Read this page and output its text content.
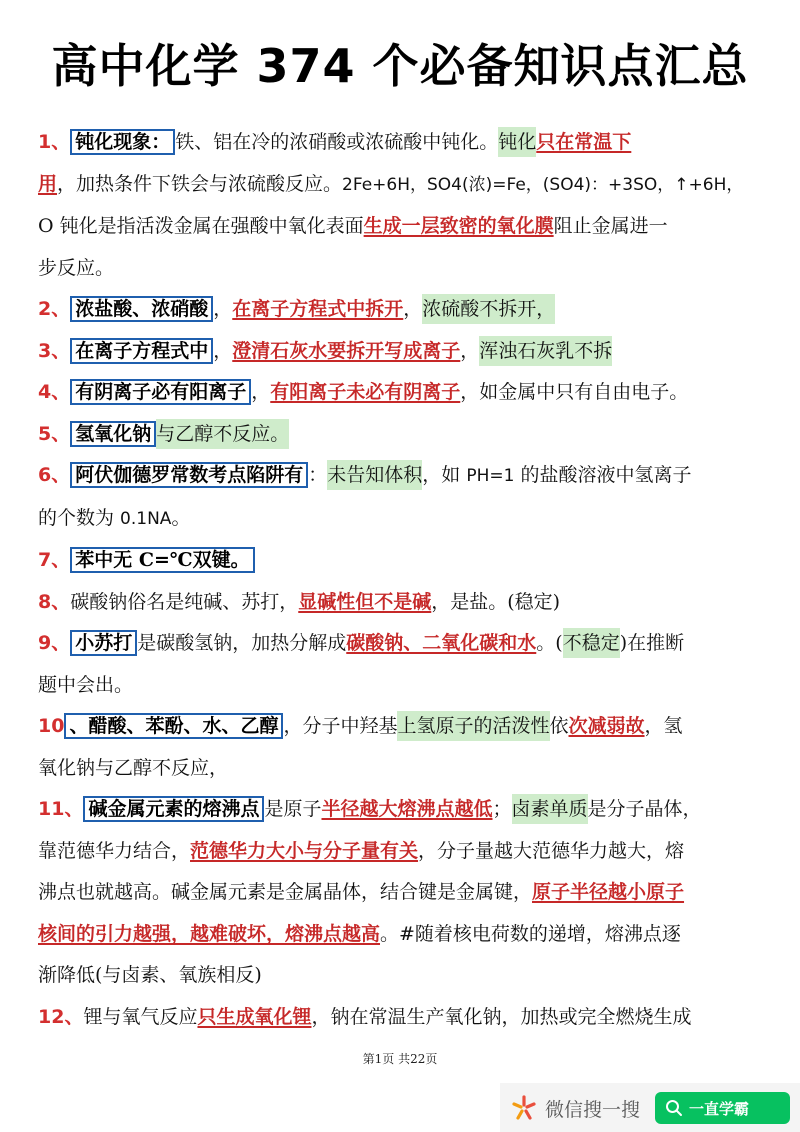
高中化学 374 个必备知识点汇总

1、 钝化现象： 铁、铝在冷的浓硝酸或浓硫酸中钝化。钝化只在常温下
用，加热条件下铁会与浓硫酸反应。2Fe+6H，SO4(浓)=Fe，(SO4)：+3SO，↑+6H，
O 钝化是指活泼金属在强酸中氧化表面生成一层致密的氧化膜阻止金属进一
步反应。

2、 浓盐酸、浓硝酸 ，在离子方程式中拆开，浓硫酸不拆开，

3、 在离子方程式中 ，澄清石灰水要拆开写成离子，浑浊石灰乳不拆

4、 有阴离子必有阳离子 ，有阳离子未必有阴离子，如金属中只有自由电子。

5、 氢氧化钠 与乙醇不反应。

6、 阿伏伽德罗常数考点陷阱有 ：未告知体积，如 PH=1 的盐酸溶液中氢离子
的个数为 0.1NA。

7、 苯中无 C=℃双键。

8、碳酸钠俗名是纯碱、苏打，显碱性但不是碱，是盐。(稳定)

9、 小苏打 是碳酸氢钠，加热分解成碳酸钠、二氧化碳和水。(不稳定)在推断
题中会出。

10 、醋酸、苯酚、水、乙醇 ，分子中羟基上氢原子的活泼性依次减弱故，氢
氧化钠与乙醇不反应，

11、 碱金属元素的熔沸点 是原子半径越大熔沸点越低；卤素单质是分子晶体，
靠范德华力结合，范德华力大小与分子量有关，分子量越大范德华力越大，熔
沸点也就越高。碱金属元素是金属晶体，结合键是金属键，原子半径越小原子
核间的引力越强，越难破坏，熔沸点越高。#随着核电荷数的递增，熔沸点逐
渐降低(与卤素、氧族相反)

12、锂与氧气反应只生成氧化锂，钠在常温生产氧化钠，加热或完全燃烧生成

第1页 共22页
微信搜一搜	一直学霸
